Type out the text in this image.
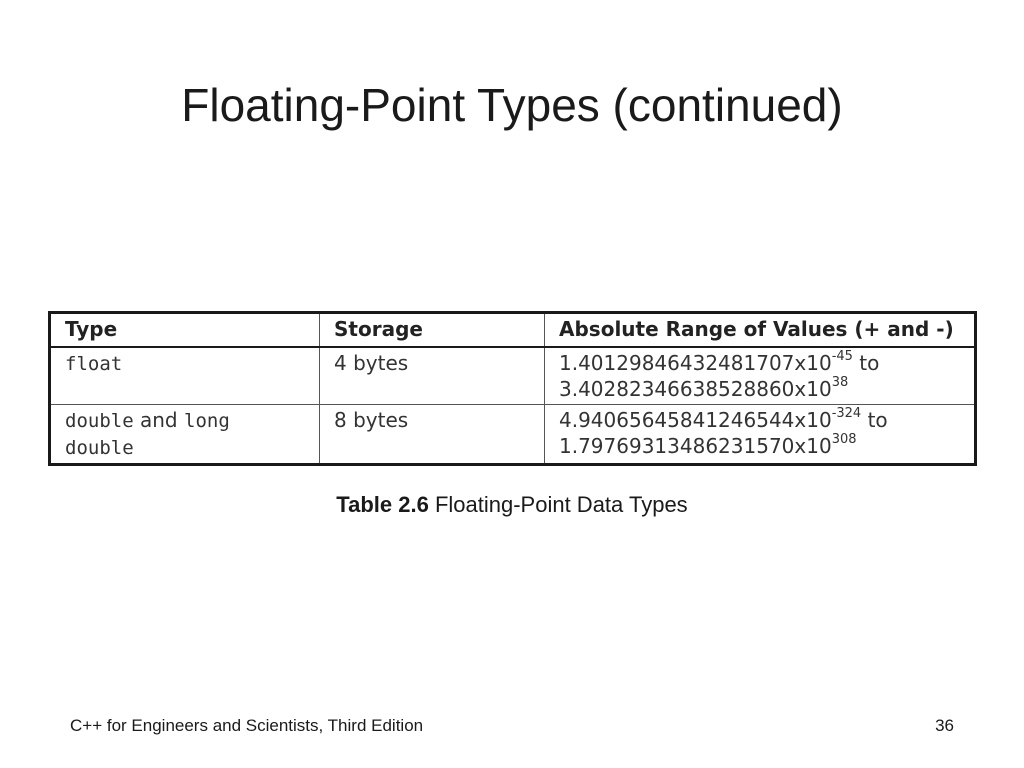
Floating-Point Types (continued)
Type	Storage	Absolute Range of Values (+ and -)
float	4 bytes	$1.40129846432481707x10^{-45}$ to
$3.40282346638528860x10^{38}$
double and long
double	8 bytes	$4.94065645841246544x10^{-324}$ to
$1.79769313486231570x10^{308}$
Table 2.6 Floating-Point Data Types
C++ for Engineers and Scientists, Third Edition	36
